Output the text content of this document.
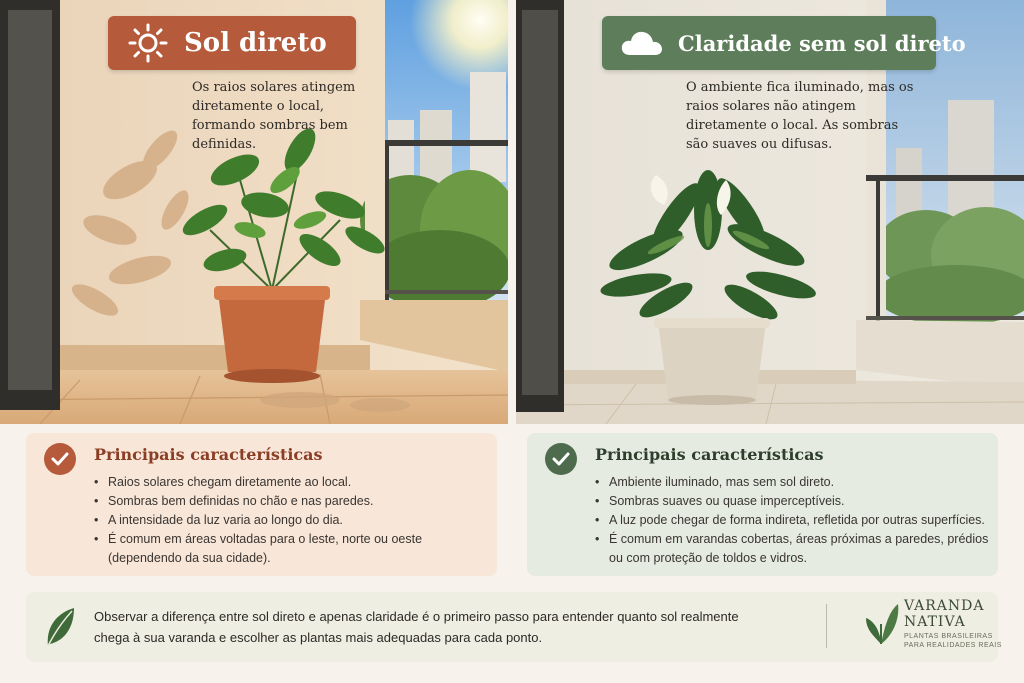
Sol direto

Os raios solares atingem diretamente o local, formando sombras bem definidas.

Claridade sem sol direto

O ambiente fica iluminado, mas os raios solares não atingem diretamente o local. As sombras são suaves ou difusas.

Principais características
• Raios solares chegam diretamente ao local.
• Sombras bem definidas no chão e nas paredes.
• A intensidade da luz varia ao longo do dia.
• É comum em áreas voltadas para o leste, norte ou oeste (dependendo da sua cidade).
Principais características
• Ambiente iluminado, mas sem sol direto.
• Sombras suaves ou quase imperceptíveis.
• A luz pode chegar de forma indireta, refletida por outras superfícies.
• É comum em varandas cobertas, áreas próximas a paredes, prédios ou com proteção de toldos e vidros.

Observar a diferença entre sol direto e apenas claridade é o primeiro passo para entender quanto sol realmente chega à sua varanda e escolher as plantas mais adequadas para cada ponto.

VARANDA
NATIVA
PLANTAS BRASILEIRAS PARA REALIDADES REAIS
